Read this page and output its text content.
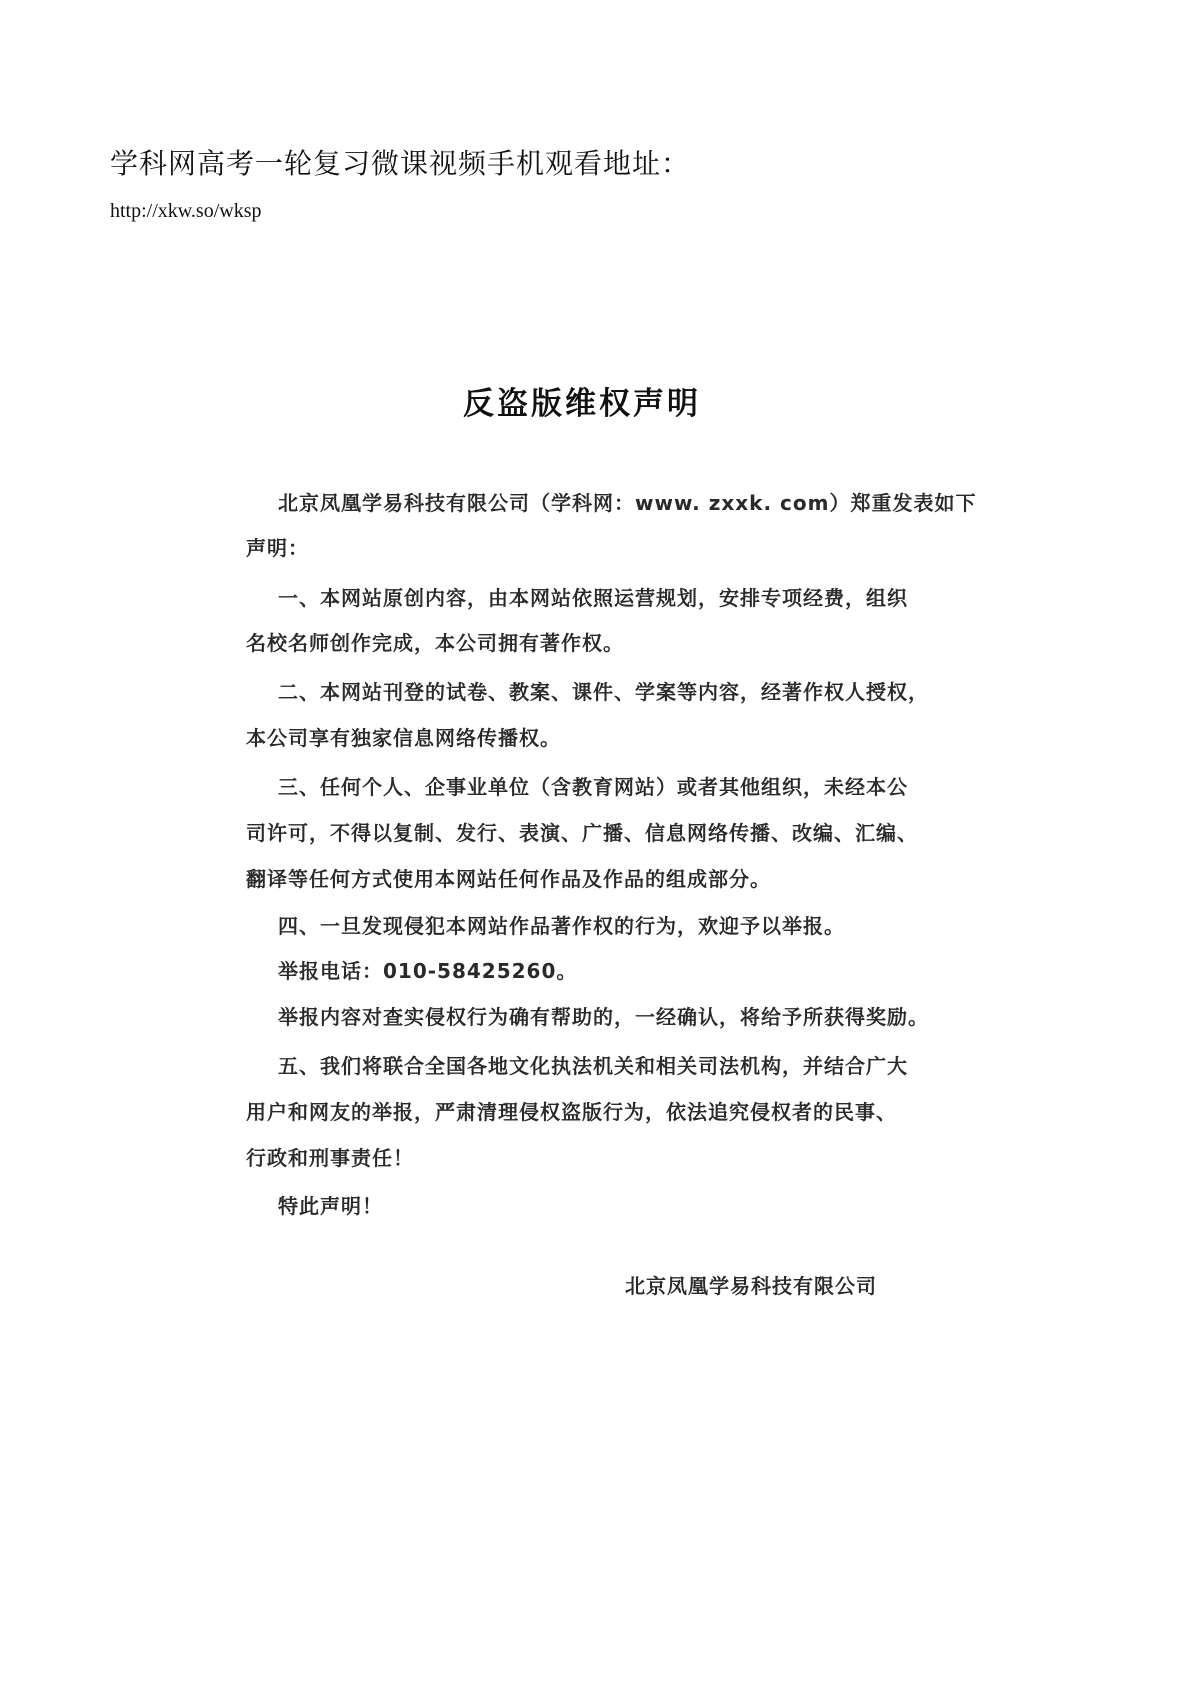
学科网高考一轮复习微课视频手机观看地址：
http://xkw.so/wksp
反盗版维权声明
北京凤凰学易科技有限公司（学科网：www. zxxk. com）郑重发表如下
声明：
一、本网站原创内容，由本网站依照运营规划，安排专项经费，组织
名校名师创作完成，本公司拥有著作权。
二、本网站刊登的试卷、教案、课件、学案等内容，经著作权人授权，
本公司享有独家信息网络传播权。
三、任何个人、企事业单位（含教育网站）或者其他组织，未经本公
司许可，不得以复制、发行、表演、广播、信息网络传播、改编、汇编、
翻译等任何方式使用本网站任何作品及作品的组成部分。
四、一旦发现侵犯本网站作品著作权的行为，欢迎予以举报。
举报电话：010-58425260。
举报内容对查实侵权行为确有帮助的，一经确认，将给予所获得奖励。
五、我们将联合全国各地文化执法机关和相关司法机构，并结合广大
用户和网友的举报，严肃清理侵权盗版行为，依法追究侵权者的民事、
行政和刑事责任！
特此声明！
北京凤凰学易科技有限公司
